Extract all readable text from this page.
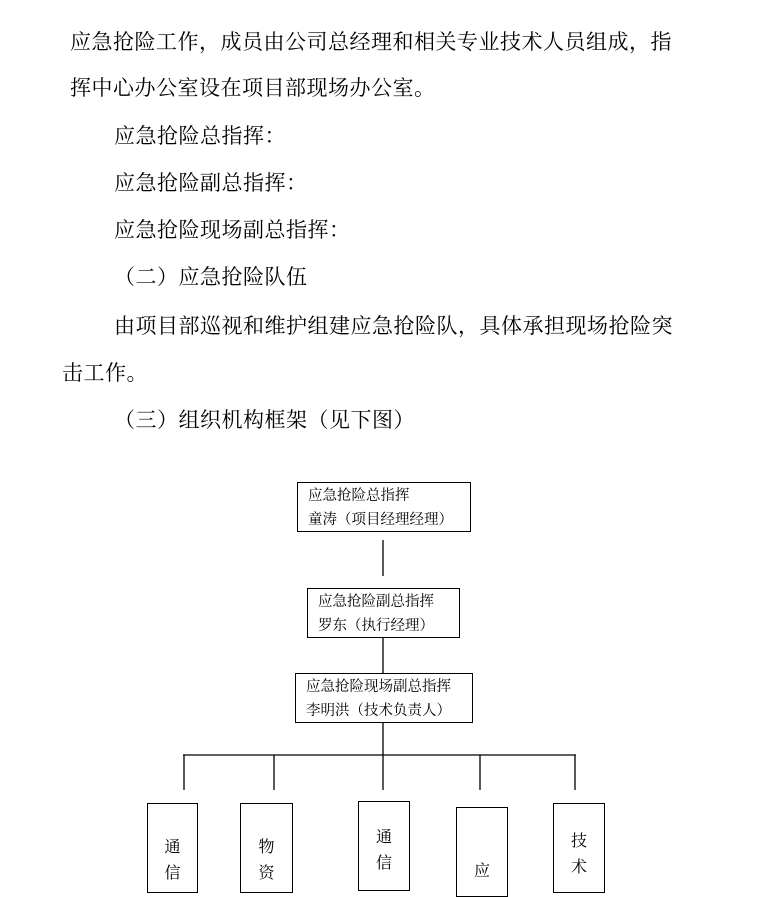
应急抢险工作，成员由公司总经理和相关专业技术人员组成，指
挥中心办公室设在项目部现场办公室。
应急抢险总指挥：
应急抢险副总指挥：
应急抢险现场副总指挥：
（二）应急抢险队伍
由项目部巡视和维护组建应急抢险队，具体承担现场抢险突
击工作。
（三）组织机构框架（见下图）
应急抢险总指挥
童涛（项目经理经理）
应急抢险副总指挥
罗东（执行经理）
应急抢险现场副总指挥
李明洪（技术负责人）
通信
物资
通信	应
技术
